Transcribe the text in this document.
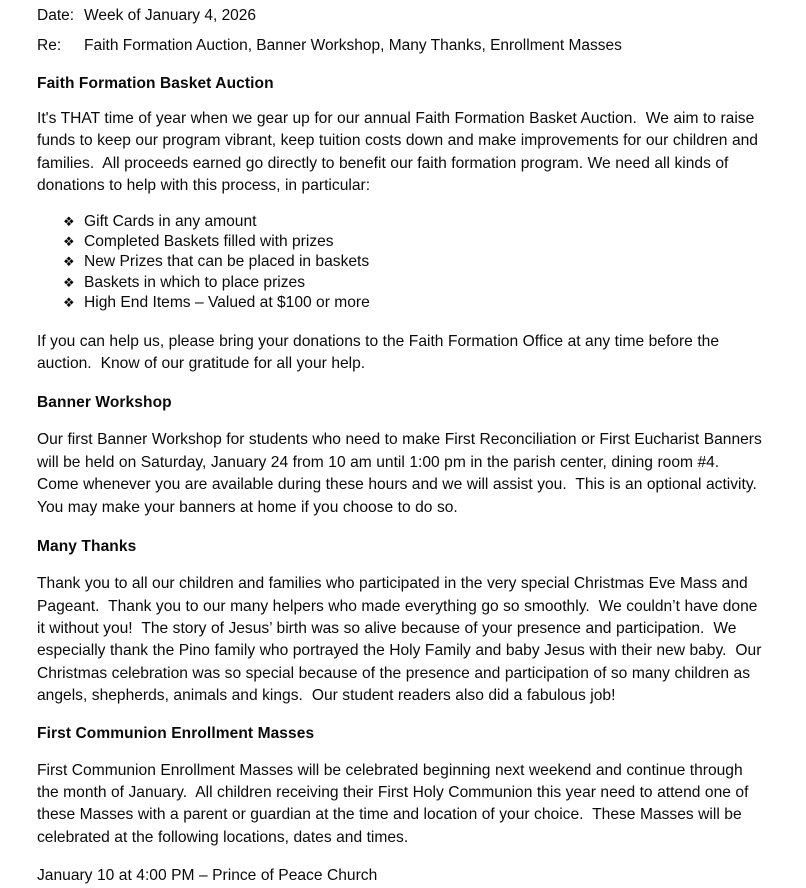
Date: Week of January 4, 2026
Re:	Faith Formation Auction, Banner Workshop, Many Thanks, Enrollment Masses
Faith Formation Basket Auction

It's THAT time of year when we gear up for our annual Faith Formation Basket Auction.  We aim to raise funds to keep our program vibrant, keep tuition costs down and make improvements for our children and families.  All proceeds earned go directly to benefit our faith formation program. We need all kinds of donations to help with this process, in particular:

❖ Gift Cards in any amount
❖ Completed Baskets filled with prizes
❖ New Prizes that can be placed in baskets
❖ Baskets in which to place prizes
❖ High End Items – Valued at $100 or more

If you can help us, please bring your donations to the Faith Formation Office at any time before the auction.  Know of our gratitude for all your help.

Banner Workshop

Our first Banner Workshop for students who need to make First Reconciliation or First Eucharist Banners will be held on Saturday, January 24 from 10 am until 1:00 pm in the parish center, dining room #4.  Come whenever you are available during these hours and we will assist you.  This is an optional activity.  You may make your banners at home if you choose to do so.

Many Thanks

Thank you to all our children and families who participated in the very special Christmas Eve Mass and Pageant.  Thank you to our many helpers who made everything go so smoothly.  We couldn’t have done it without you!  The story of Jesus’ birth was so alive because of your presence and participation.  We especially thank the Pino family who portrayed the Holy Family and baby Jesus with their new baby.  Our Christmas celebration was so special because of the presence and participation of so many children as angels, shepherds, animals and kings.  Our student readers also did a fabulous job!

First Communion Enrollment Masses

First Communion Enrollment Masses will be celebrated beginning next weekend and continue through the month of January.  All children receiving their First Holy Communion this year need to attend one of these Masses with a parent or guardian at the time and location of your choice.  These Masses will be celebrated at the following locations, dates and times.

January 10 at 4:00 PM – Prince of Peace Church
